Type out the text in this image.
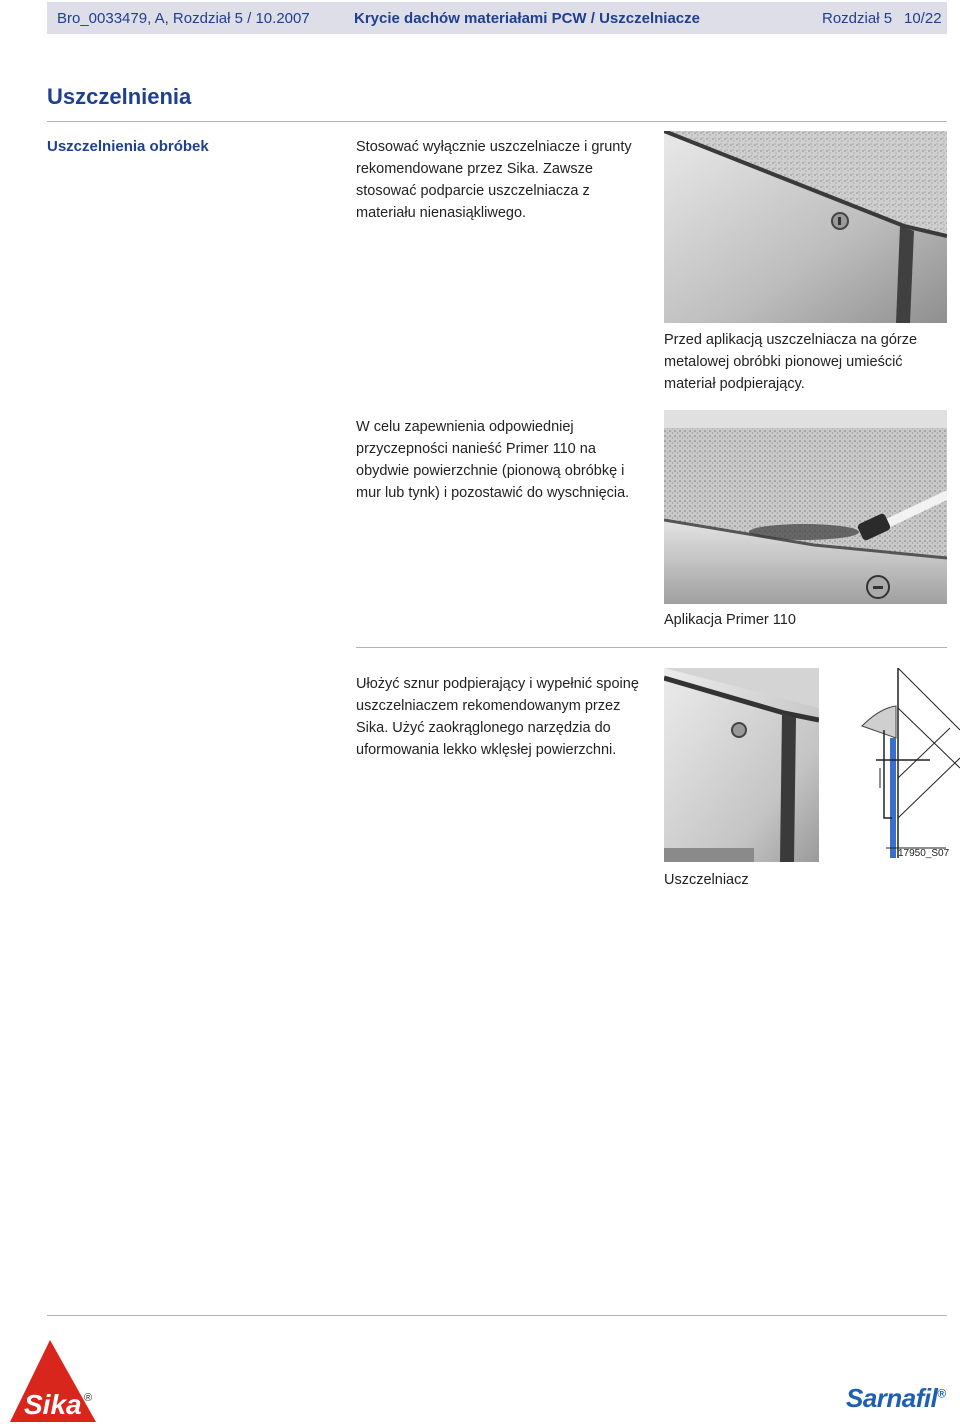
Bro_0033479, A, Rozdział 5 / 10.2007	Krycie dachów materiałami PCW / Uszczelniacze	Rozdział 5 10/22
Uszczelnienia
Uszczelnienia obróbek	Stosować wyłącznie uszczelniacze i grunty rekomendowane przez Sika. Zawsze stosować podparcie uszczelniacza z materiału nienasiąkliwego.
Przed aplikacją uszczelniacza na górze metalowej obróbki pionowej umieścić materiał podpierający.
W celu zapewnienia odpowiedniej przyczepności nanieść Primer 110 na obydwie powierzchnie (pionową obróbkę i mur lub tynk) i pozostawić do wyschnięcia.
Aplikacja Primer 110
Ułożyć sznur podpierający i wypełnić spoinę uszczelniaczem rekomendowanym przez Sika. Użyć zaokrąglonego narzędzia do uformowania lekko wklęsłej powierzchni.
Uszczelniacz
17950_S07
Sika ®	Sarnafil®
